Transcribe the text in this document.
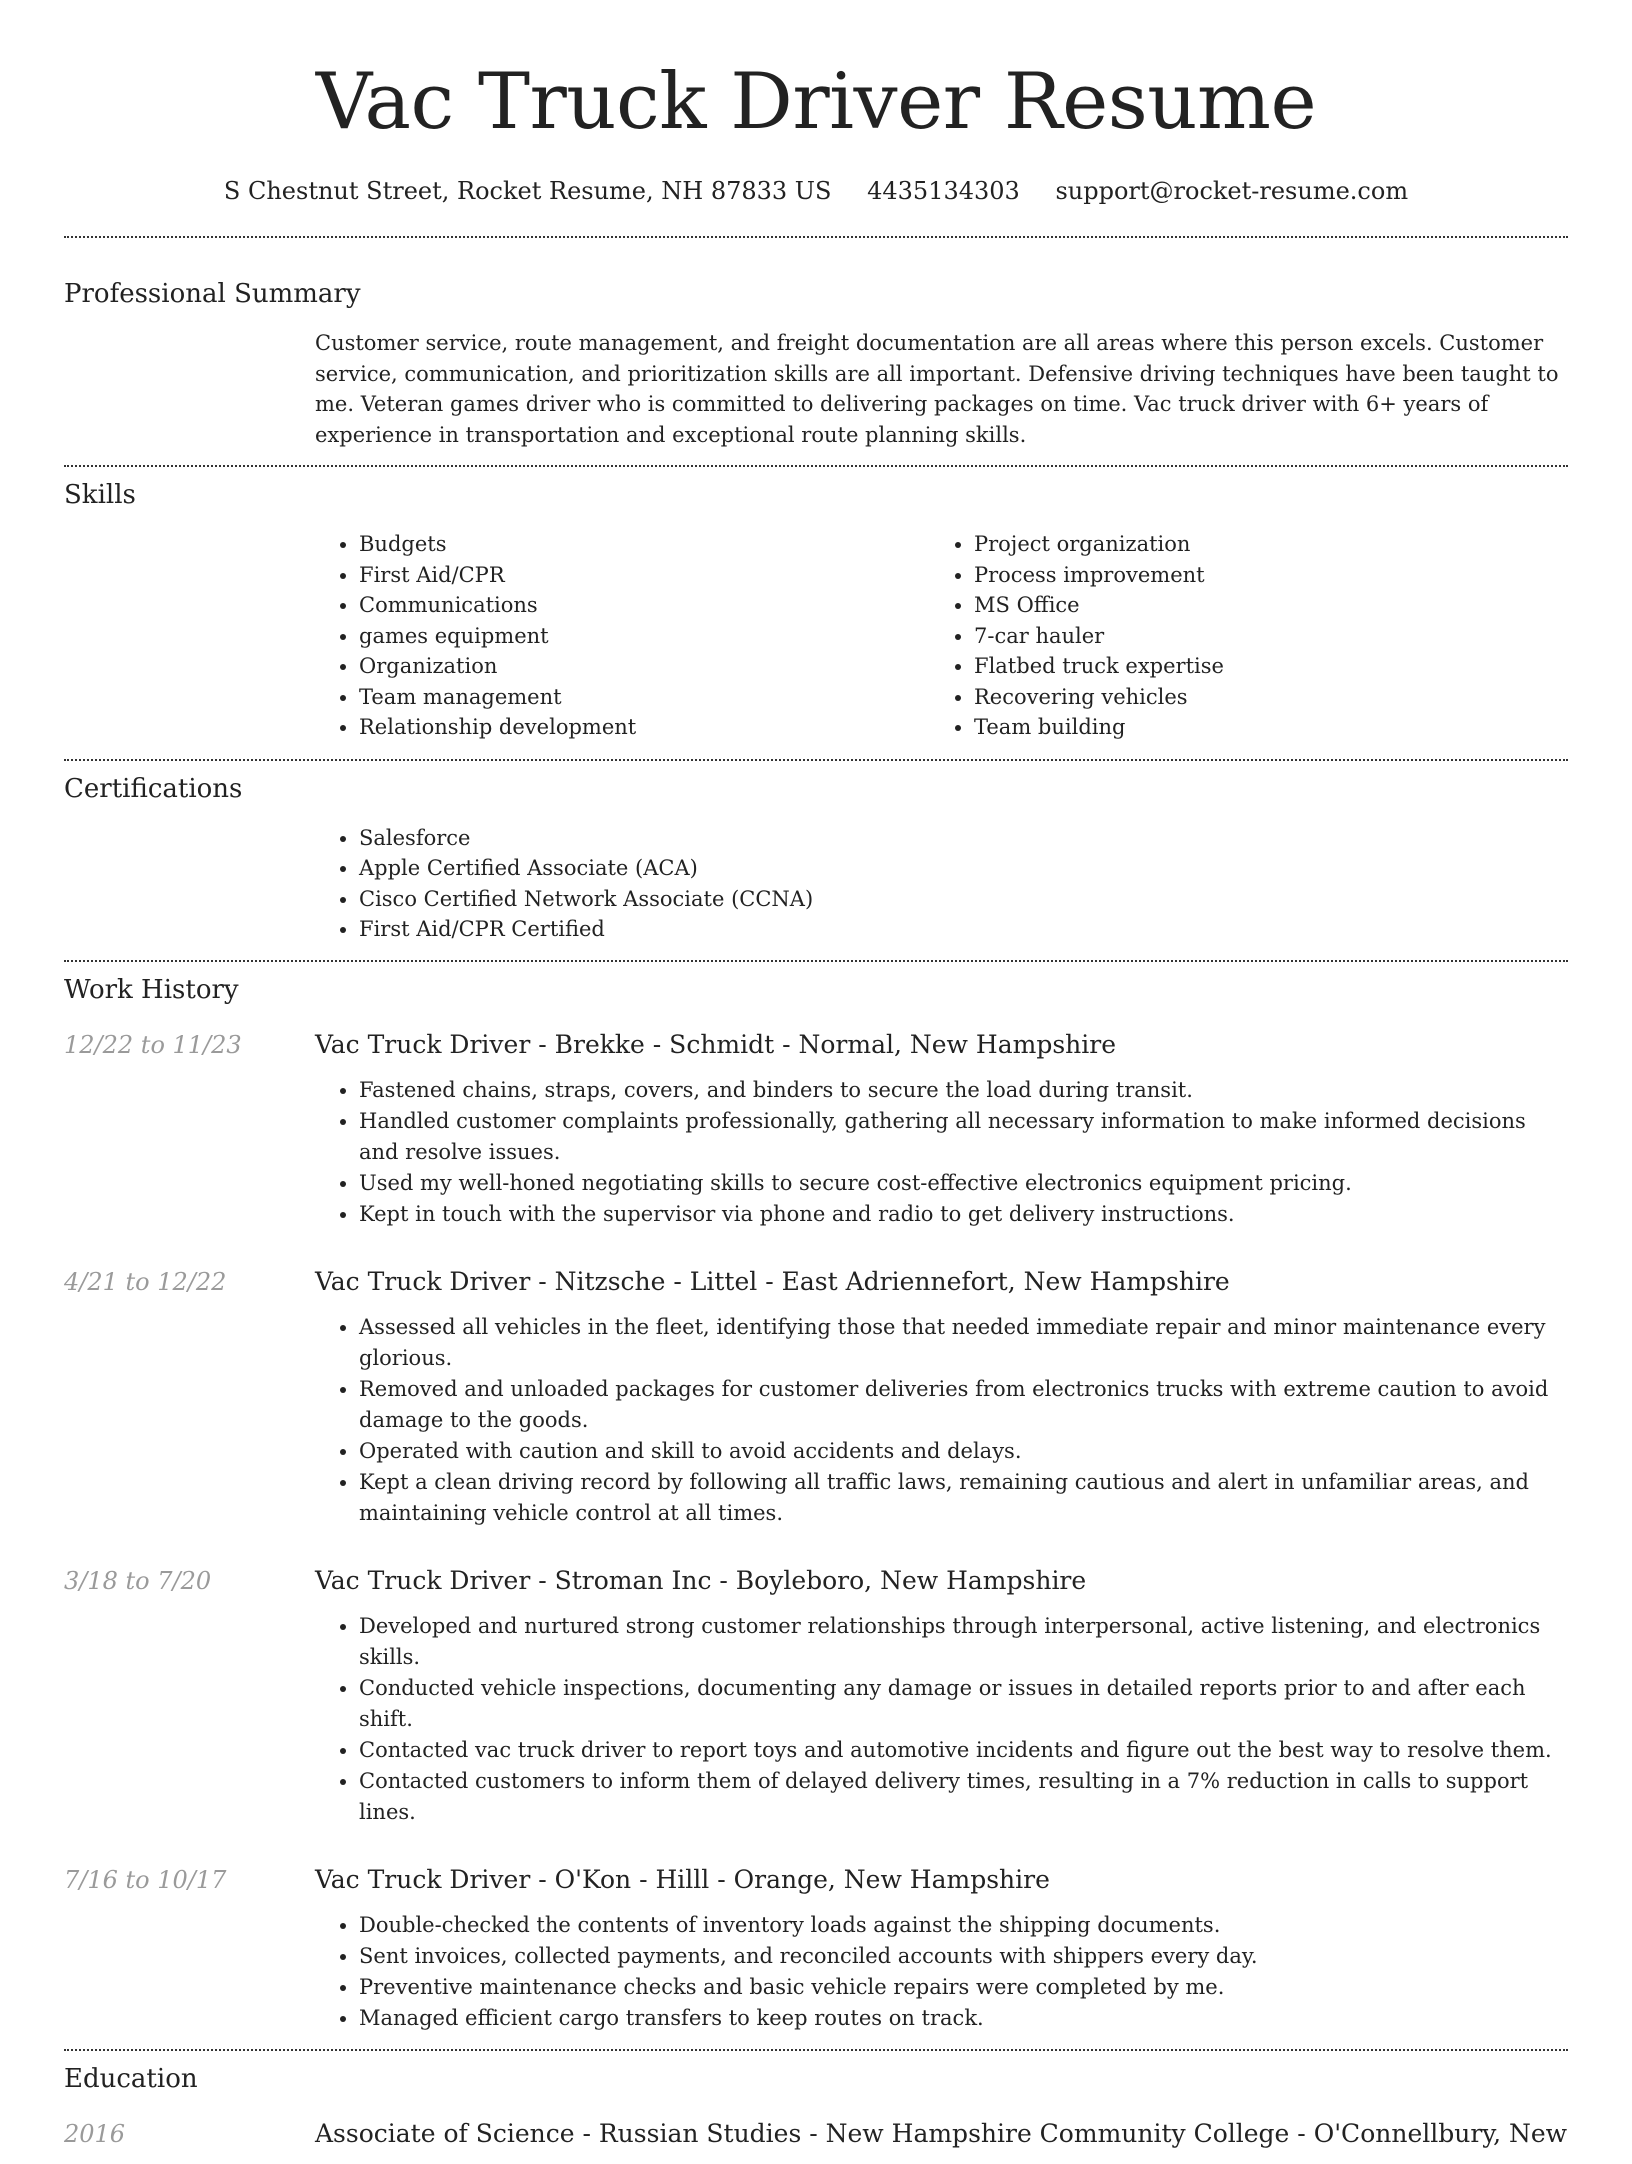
Vac Truck Driver Resume
S Chestnut Street, Rocket Resume, NH 87833 US 4435134303 support@rocket-resume.com
Professional Summary

Customer service, route management, and freight documentation are all areas where this person excels. Customer service, communication, and prioritization skills are all important. Defensive driving techniques have been taught to me. Veteran games driver who is committed to delivering packages on time. Vac truck driver with 6+ years of experience in transportation and exceptional route planning skills.

Skills
• Budgets
• First Aid/CPR
• Communications
• games equipment
• Organization
• Team management
• Relationship development
• Project organization
• Process improvement
• MS Office
• 7-car hauler
• Flatbed truck expertise
• Recovering vehicles
• Team building
Certifications
• Salesforce
• Apple Certified Associate (ACA)
• Cisco Certified Network Associate (CCNA)
• First Aid/CPR Certified
Work History
12/22 to 11/23	Vac Truck Driver - Brekke - Schmidt - Normal, New Hampshire
• Fastened chains, straps, covers, and binders to secure the load during transit.
• Handled customer complaints professionally, gathering all necessary information to make informed decisions and resolve issues.
• Used my well-honed negotiating skills to secure cost-effective electronics equipment pricing.
• Kept in touch with the supervisor via phone and radio to get delivery instructions.
4/21 to 12/22	Vac Truck Driver - Nitzsche - Littel - East Adriennefort, New Hampshire
• Assessed all vehicles in the fleet, identifying those that needed immediate repair and minor maintenance every glorious.
• Removed and unloaded packages for customer deliveries from electronics trucks with extreme caution to avoid damage to the goods.
• Operated with caution and skill to avoid accidents and delays.
• Kept a clean driving record by following all traffic laws, remaining cautious and alert in unfamiliar areas, and maintaining vehicle control at all times.
3/18 to 7/20	Vac Truck Driver - Stroman Inc - Boyleboro, New Hampshire
• Developed and nurtured strong customer relationships through interpersonal, active listening, and electronics skills.
• Conducted vehicle inspections, documenting any damage or issues in detailed reports prior to and after each shift.
• Contacted vac truck driver to report toys and automotive incidents and figure out the best way to resolve them.
• Contacted customers to inform them of delayed delivery times, resulting in a 7% reduction in calls to support lines.
7/16 to 10/17	Vac Truck Driver - O'Kon - Hilll - Orange, New Hampshire
• Double-checked the contents of inventory loads against the shipping documents.
• Sent invoices, collected payments, and reconciled accounts with shippers every day.
• Preventive maintenance checks and basic vehicle repairs were completed by me.
• Managed efficient cargo transfers to keep routes on track.
Education
2016	Associate of Science - Russian Studies - New Hampshire Community College - O'Connellbury, New
